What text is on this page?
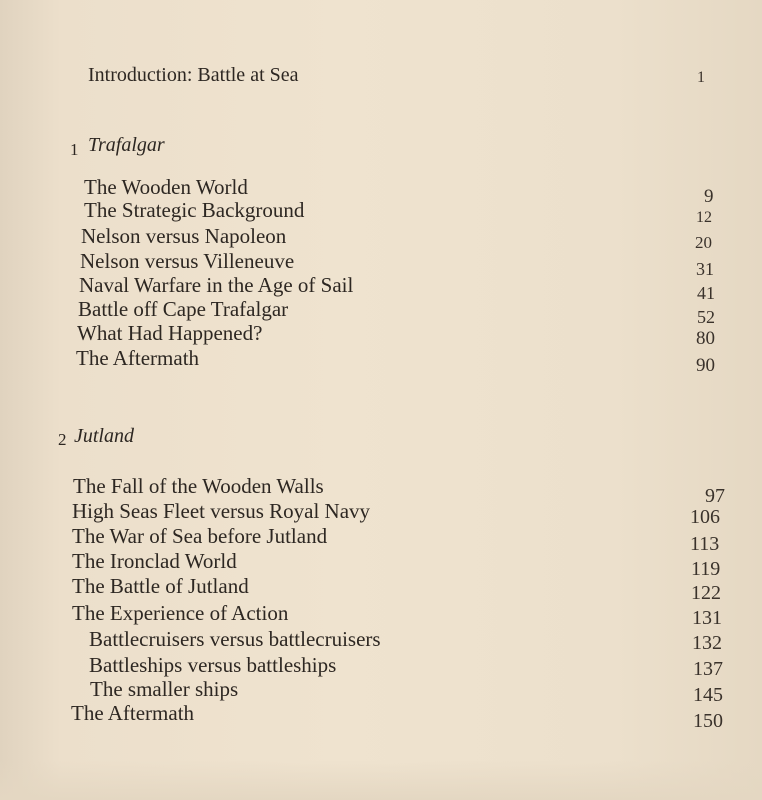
Introduction: Battle at Sea	1
1 Trafalgar
The Wooden World	9
The Strategic Background	12
Nelson versus Napoleon	20
Nelson versus Villeneuve	31
Naval Warfare in the Age of Sail	41
Battle off Cape Trafalgar	52
What Had Happened?	80
The Aftermath	90
2 Jutland
The Fall of the Wooden Walls	97
High Seas Fleet versus Royal Navy	106
The War of Sea before Jutland	113
The Ironclad World	119
The Battle of Jutland	122
The Experience of Action	131
Battlecruisers versus battlecruisers	132
Battleships versus battleships	137
The smaller ships	145
The Aftermath	150
